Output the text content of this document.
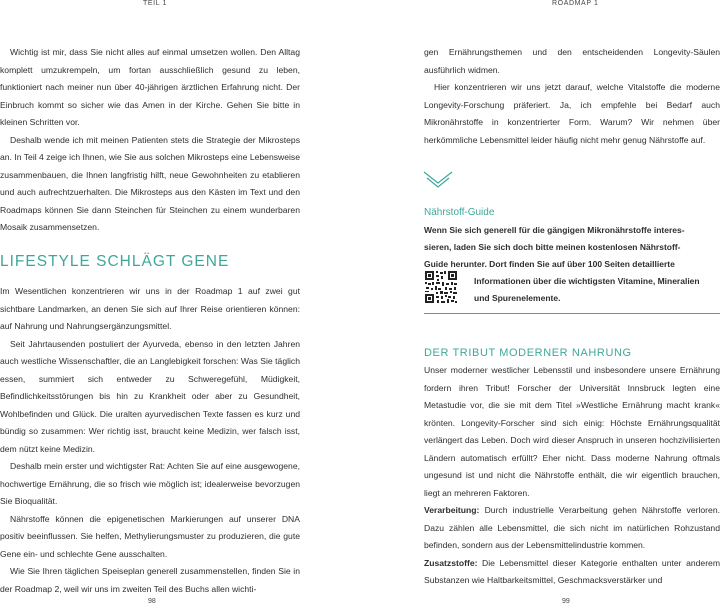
TEIL 1

Wichtig ist mir, dass Sie nicht alles auf einmal umsetzen wollen. Den Alltag komplett umzukrempeln, um fortan ausschließlich gesund zu leben, funktioniert nach meiner nun über 40-jährigen ärztlichen Erfahrung nicht. Der Einbruch kommt so sicher wie das Amen in der Kirche. Gehen Sie bitte in kleinen Schritten vor.

Deshalb wende ich mit meinen Patienten stets die Strategie der Mikrosteps an. In Teil 4 zeige ich Ihnen, wie Sie aus solchen Mikrosteps eine Lebensweise zusammenbauen, die Ihnen langfristig hilft, neue Gewohnheiten zu etablieren und auch aufrechtzuerhalten. Die Mikrosteps aus den Kästen im Text und den Roadmaps können Sie dann Steinchen für Steinchen zu einem wunderbaren Mosaik zusammensetzen.

LIFESTYLE SCHLÄGT GENE

Im Wesentlichen konzentrieren wir uns in der Roadmap 1 auf zwei gut sichtbare Landmarken, an denen Sie sich auf Ihrer Reise orientieren können: auf Nahrung und Nahrungsergänzungsmittel.

Seit Jahrtausenden postuliert der Ayurveda, ebenso in den letzten Jahren auch westliche Wissenschaftler, die an Langlebigkeit forschen: Was Sie täglich essen, summiert sich entweder zu Schweregefühl, Müdigkeit, Befindlichkeitsstörungen bis hin zu Krankheit oder aber zu Gesundheit, Wohlbefinden und Glück. Die uralten ayurvedischen Texte fassen es kurz und bündig so zusammen: Wer richtig isst, braucht keine Medizin, wer falsch isst, dem nützt keine Medizin.

Deshalb mein erster und wichtigster Rat: Achten Sie auf eine ausgewogene, hochwertige Ernährung, die so frisch wie möglich ist; idealerweise bevorzugen Sie Bioqualität.

Nährstoffe können die epigenetischen Markierungen auf unserer DNA positiv beeinflussen. Sie helfen, Methylierungsmuster zu produzieren, die gute Gene ein- und schlechte Gene ausschalten.

Wie Sie Ihren täglichen Speiseplan generell zusammenstellen, finden Sie in der Roadmap 2, weil wir uns im zweiten Teil des Buchs allen wichti-

98
ROADMAP 1

gen Ernährungsthemen und den entscheidenden Longevity-Säulen ausführlich widmen.

Hier konzentrieren wir uns jetzt darauf, welche Vitalstoffe die moderne Longevity-Forschung präferiert. Ja, ich empfehle bei Bedarf auch Mikronährstoffe in konzentrierter Form. Warum? Wir nehmen über herkömmliche Lebensmittel leider häufig nicht mehr genug Nährstoffe auf.

Nährstoff-Guide

Wenn Sie sich generell für die gängigen Mikronährstoffe interes-

sieren, laden Sie sich doch bitte meinen kostenlosen Nährstoff-

Guide herunter. Dort finden Sie auf über 100 Seiten detaillierte

Informationen über die wichtigsten Vitamine, Mineralien

und Spurenelemente.

DER TRIBUT MODERNER NAHRUNG

Unser moderner westlicher Lebensstil und insbesondere unsere Ernährung fordern ihren Tribut! Forscher der Universität Innsbruck legten eine Metastudie vor, die sie mit dem Titel »Westliche Ernährung macht krank« krönten. Longevity-Forscher sind sich einig: Höchste Ernährungsqualität verlängert das Leben. Doch wird dieser Anspruch in unseren hochzivilisierten Ländern automatisch erfüllt? Eher nicht. Dass moderne Nahrung oftmals ungesund ist und nicht die Nährstoffe enthält, die wir eigentlich brauchen, liegt an mehreren Faktoren.

Verarbeitung: Durch industrielle Verarbeitung gehen Nährstoffe verloren. Dazu zählen alle Lebensmittel, die sich nicht im natürlichen Rohzustand befinden, sondern aus der Lebensmittelindustrie kommen.

Zusatzstoffe: Die Lebensmittel dieser Kategorie enthalten unter anderem Substanzen wie Haltbarkeitsmittel, Geschmacksverstärker und

99
